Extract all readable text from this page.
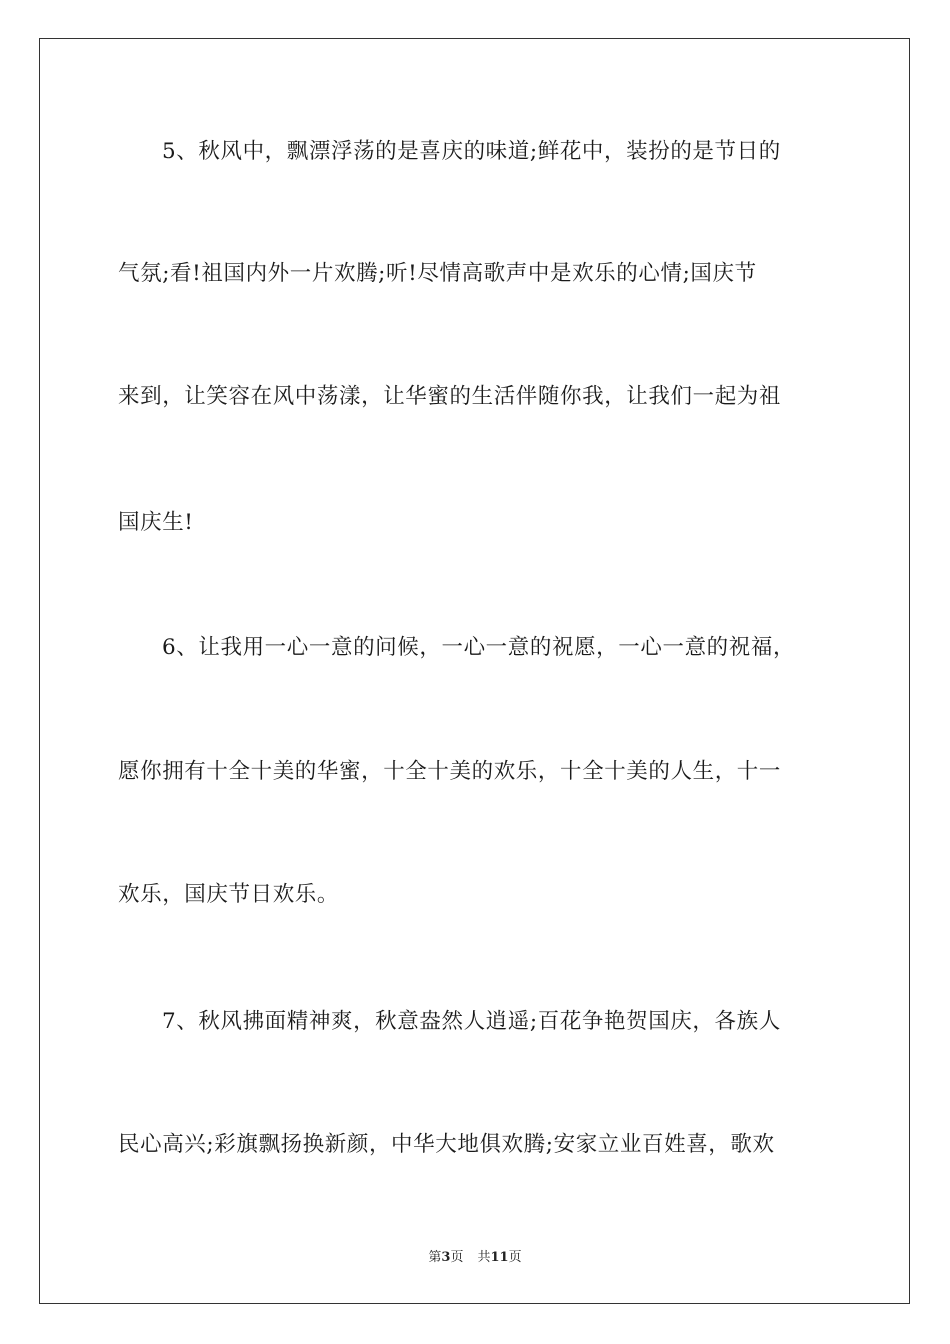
5、秋风中，飘漂浮荡的是喜庆的味道;鲜花中，装扮的是节日的
气氛;看!祖国内外一片欢腾;听!尽情高歌声中是欢乐的心情;国庆节
来到，让笑容在风中荡漾，让华蜜的生活伴随你我，让我们一起为祖
国庆生!
6、让我用一心一意的问候，一心一意的祝愿，一心一意的祝福，
愿你拥有十全十美的华蜜，十全十美的欢乐，十全十美的人生，十一
欢乐，国庆节日欢乐。
7、秋风拂面精神爽，秋意盎然人逍遥;百花争艳贺国庆，各族人
民心高兴;彩旗飘扬换新颜，中华大地俱欢腾;安家立业百姓喜，歌欢
第3页 共11页
